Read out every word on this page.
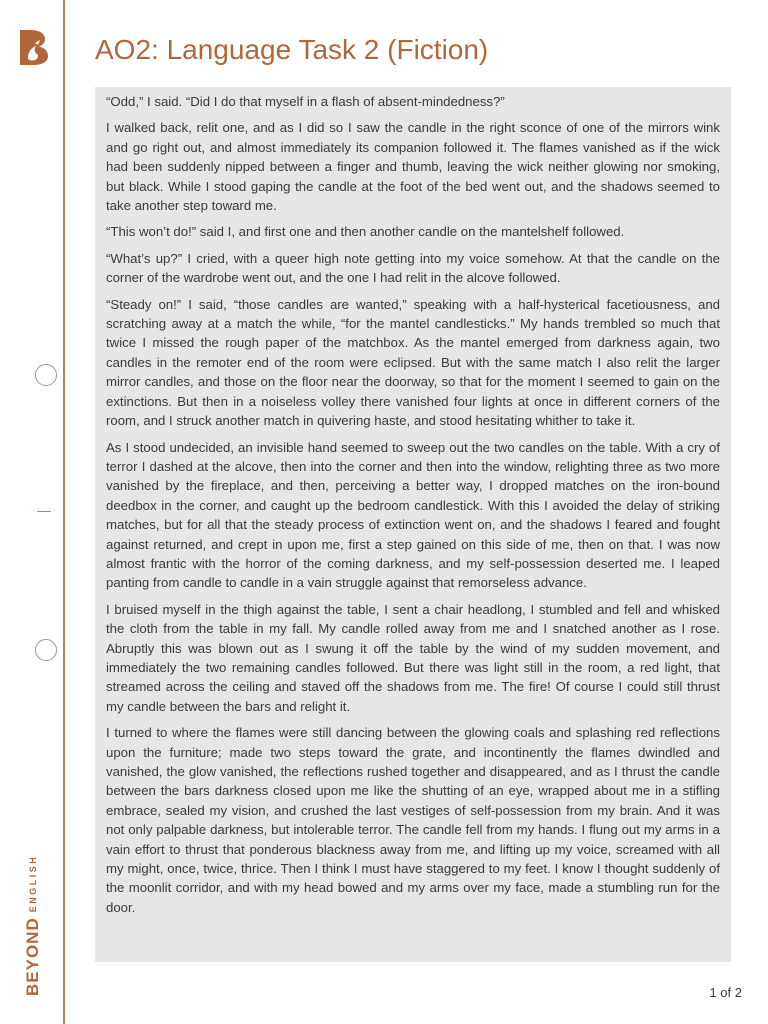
BEYONDENGLISH
AO2: Language Task 2 (Fiction)

“Odd,” I said. “Did I do that myself in a flash of absent-mindedness?”

I walked back, relit one, and as I did so I saw the candle in the right sconce of one of the mirrors wink and go right out, and almost immediately its companion followed it. The flames vanished as if the wick had been suddenly nipped between a finger and thumb, leaving the wick neither glowing nor smoking, but black. While I stood gaping the candle at the foot of the bed went out, and the shadows seemed to take another step toward me.

“This won’t do!” said I, and first one and then another candle on the mantelshelf followed.

“What’s up?” I cried, with a queer high note getting into my voice somehow. At that the candle on the corner of the wardrobe went out, and the one I had relit in the alcove followed.

“Steady on!” I said, “those candles are wanted,” speaking with a half-hysterical facetiousness, and scratching away at a match the while, “for the mantel candlesticks.” My hands trembled so much that twice I missed the rough paper of the matchbox. As the mantel emerged from darkness again, two candles in the remoter end of the room were eclipsed. But with the same match I also relit the larger mirror candles, and those on the floor near the doorway, so that for the moment I seemed to gain on the extinctions. But then in a noiseless volley there vanished four lights at once in different corners of the room, and I struck another match in quivering haste, and stood hesitating whither to take it.

As I stood undecided, an invisible hand seemed to sweep out the two candles on the table. With a cry of terror I dashed at the alcove, then into the corner and then into the window, relighting three as two more vanished by the fireplace, and then, perceiving a better way, I dropped matches on the iron-bound deedbox in the corner, and caught up the bedroom candlestick. With this I avoided the delay of striking matches, but for all that the steady process of extinction went on, and the shadows I feared and fought against returned, and crept in upon me, first a step gained on this side of me, then on that. I was now almost frantic with the horror of the coming darkness, and my self-possession deserted me. I leaped panting from candle to candle in a vain struggle against that remorseless advance.

I bruised myself in the thigh against the table, I sent a chair headlong, I stumbled and fell and whisked the cloth from the table in my fall. My candle rolled away from me and I snatched another as I rose. Abruptly this was blown out as I swung it off the table by the wind of my sudden movement, and immediately the two remaining candles followed. But there was light still in the room, a red light, that streamed across the ceiling and staved off the shadows from me. The fire! Of course I could still thrust my candle between the bars and relight it.

I turned to where the flames were still dancing between the glowing coals and splashing red reflections upon the furniture; made two steps toward the grate, and incontinently the flames dwindled and vanished, the glow vanished, the reflections rushed together and disappeared, and as I thrust the candle between the bars darkness closed upon me like the shutting of an eye, wrapped about me in a stifling embrace, sealed my vision, and crushed the last vestiges of self-possession from my brain. And it was not only palpable darkness, but intolerable terror. The candle fell from my hands. I flung out my arms in a vain effort to thrust that ponderous blackness away from me, and lifting up my voice, screamed with all my might, once, twice, thrice. Then I think I must have staggered to my feet. I know I thought suddenly of the moonlit corridor, and with my head bowed and my arms over my face, made a stumbling run for the door.

1 of 2
